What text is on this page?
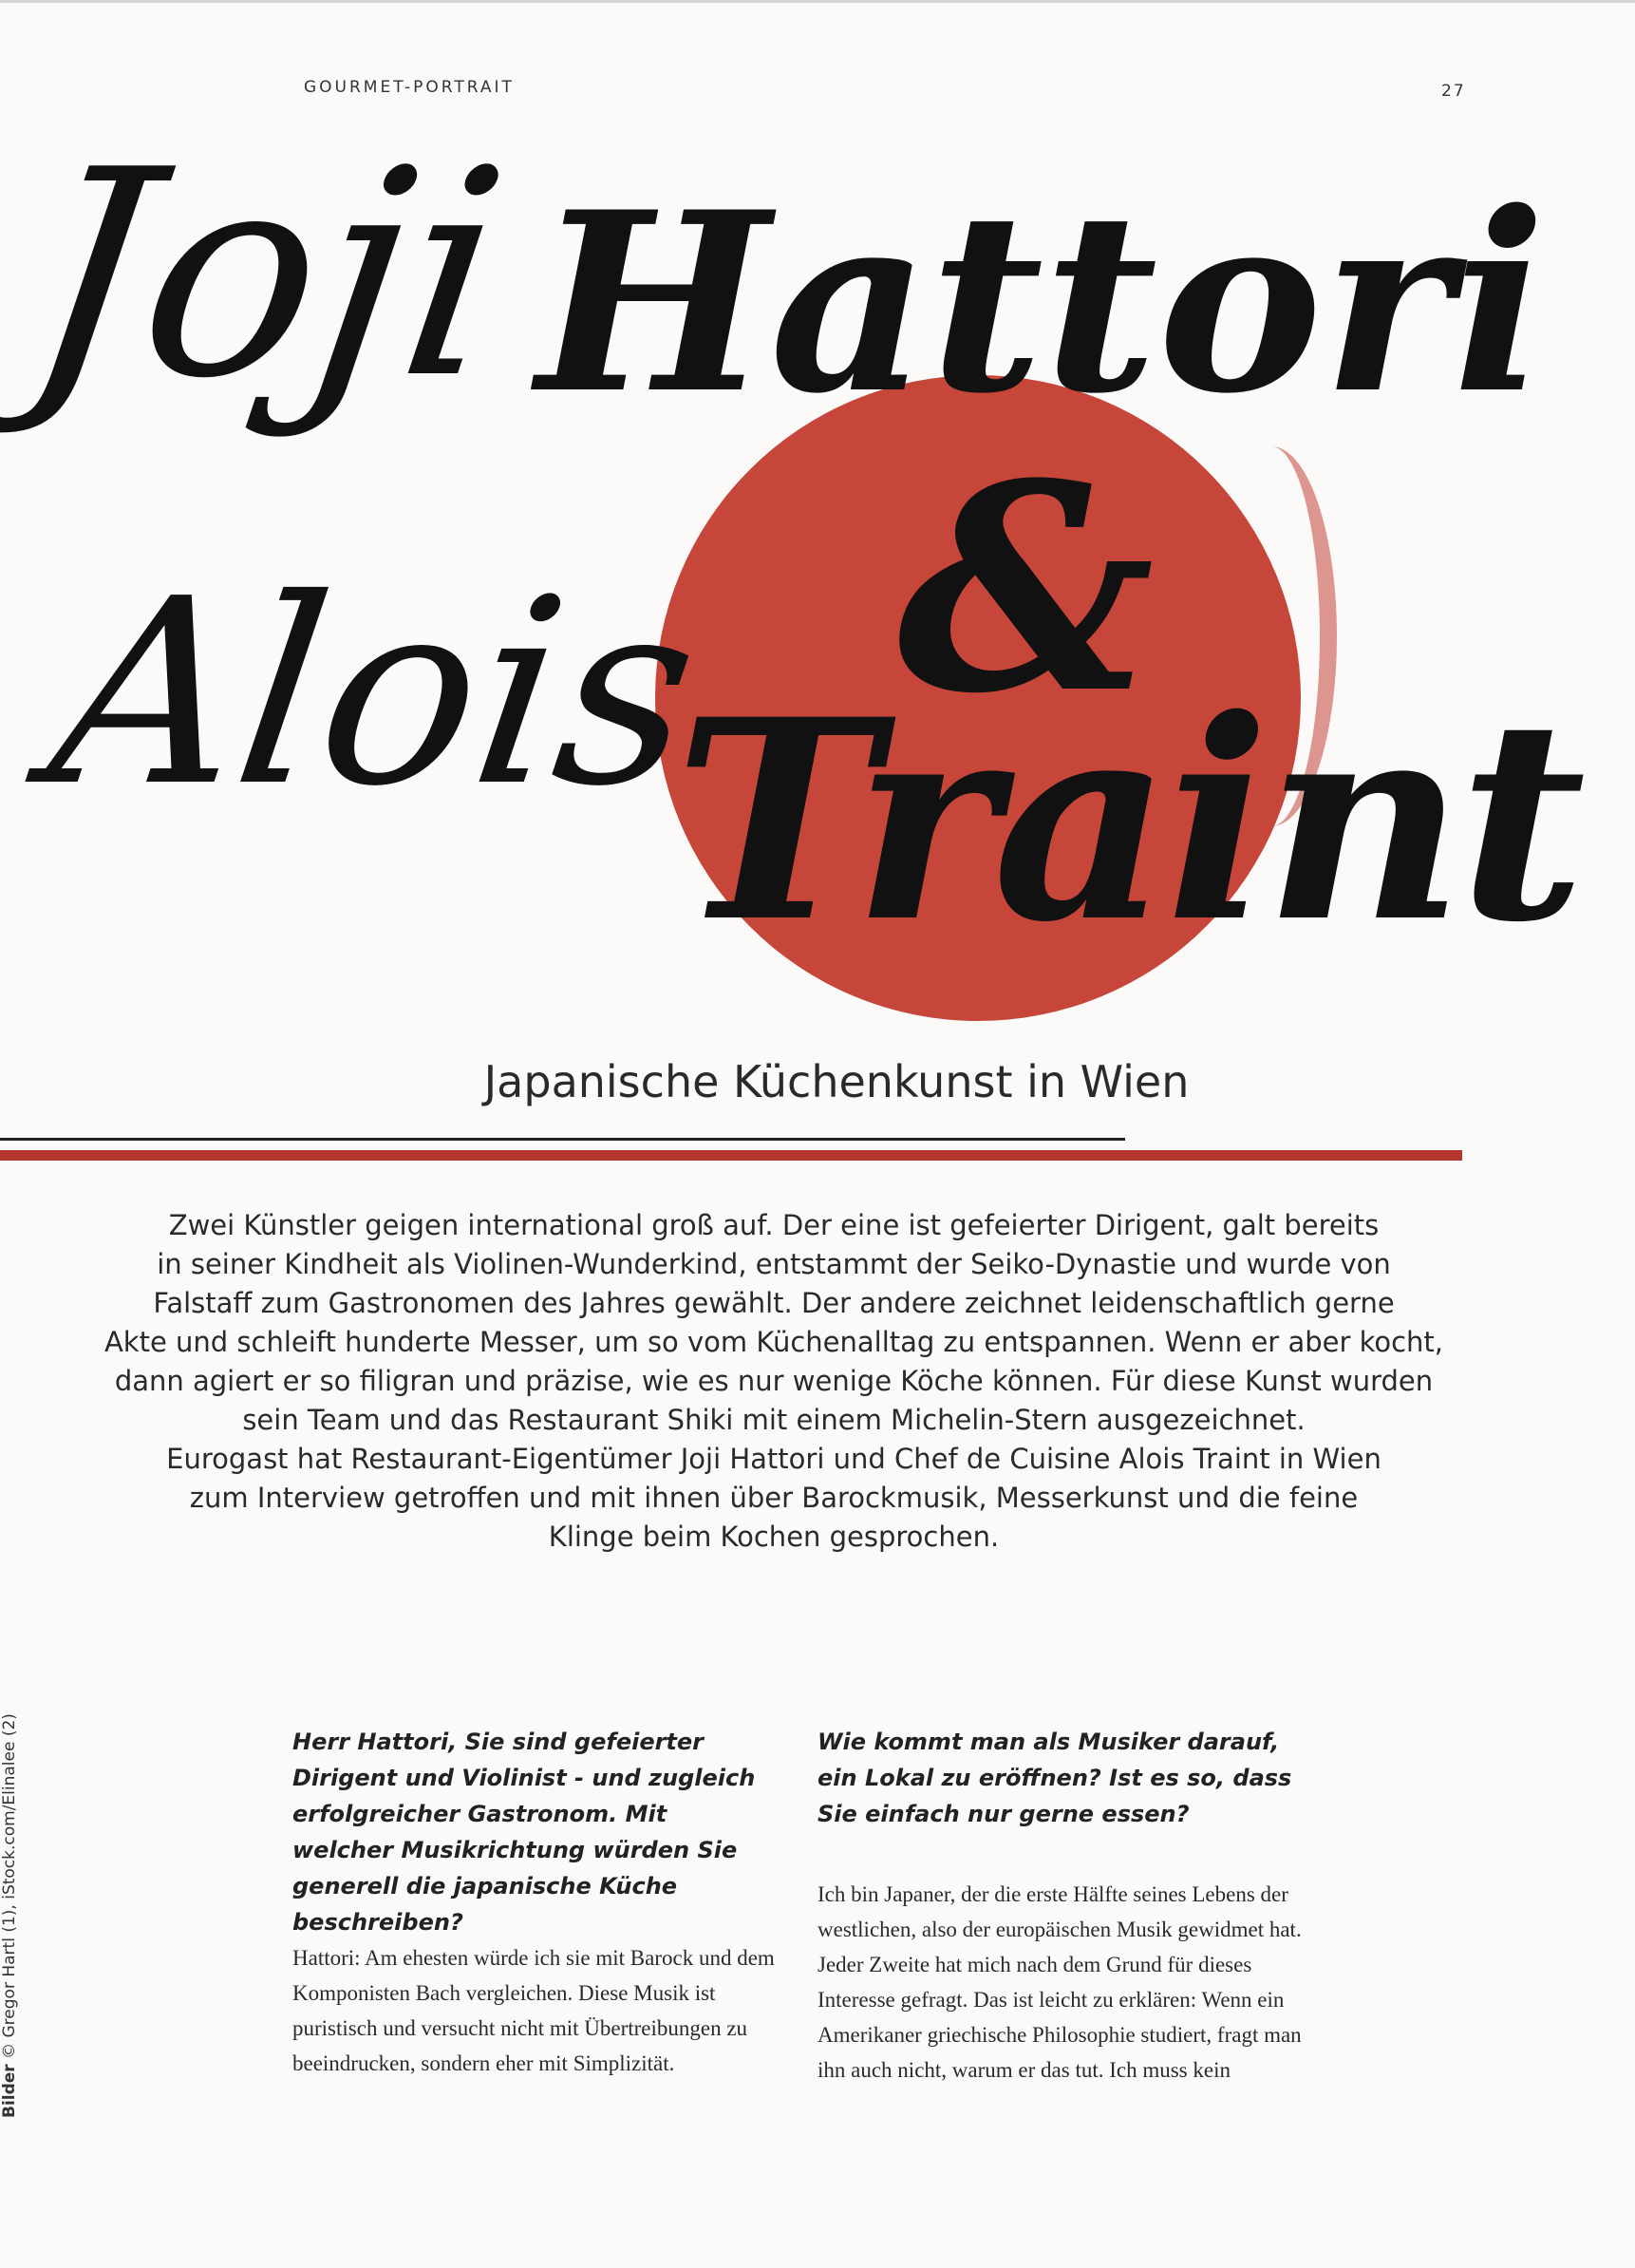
GOURMET-PORTRAIT	27
Joji Hattori
&
Alois
Traint
Japanische Küchenkunst in Wien

Zwei Künstler geigen international groß auf. Der eine ist gefeierter Dirigent, galt bereits

in seiner Kindheit als Violinen-Wunderkind, entstammt der Seiko-Dynastie und wurde von

Falstaff zum Gastronomen des Jahres gewählt. Der andere zeichnet leidenschaftlich gerne

Akte und schleift hunderte Messer, um so vom Küchenalltag zu entspannen. Wenn er aber kocht,

dann agiert er so filigran und präzise, wie es nur wenige Köche können. Für diese Kunst wurden

sein Team und das Restaurant Shiki mit einem Michelin-Stern ausgezeichnet.

Eurogast hat Restaurant-Eigentümer Joji Hattori und Chef de Cuisine Alois Traint in Wien

zum Interview getroffen und mit ihnen über Barockmusik, Messerkunst und die feine

Klinge beim Kochen gesprochen.

Herr Hattori, Sie sind gefeierter Dirigent und Violinist - und zugleich erfolgreicher Gastronom. Mit welcher Musikrichtung würden Sie generell die japanische Küche beschreiben?

Hattori: Am ehesten würde ich sie mit Barock und dem Komponisten Bach vergleichen. Diese Musik ist puristisch und versucht nicht mit Übertreibungen zu beeindrucken, sondern eher mit Simplizität.

Wie kommt man als Musiker darauf, ein Lokal zu eröffnen? Ist es so, dass Sie einfach nur gerne essen?

Ich bin Japaner, der die erste Hälfte seines Lebens der westlichen, also der europäischen Musik gewidmet hat. Jeder Zweite hat mich nach dem Grund für dieses Interesse gefragt. Das ist leicht zu erklären: Wenn ein Amerikaner griechische Philosophie studiert, fragt man ihn auch nicht, warum er das tut. Ich muss kein

Bilder © Gregor Hartl (1), iStock.com/Elinalee (2)
